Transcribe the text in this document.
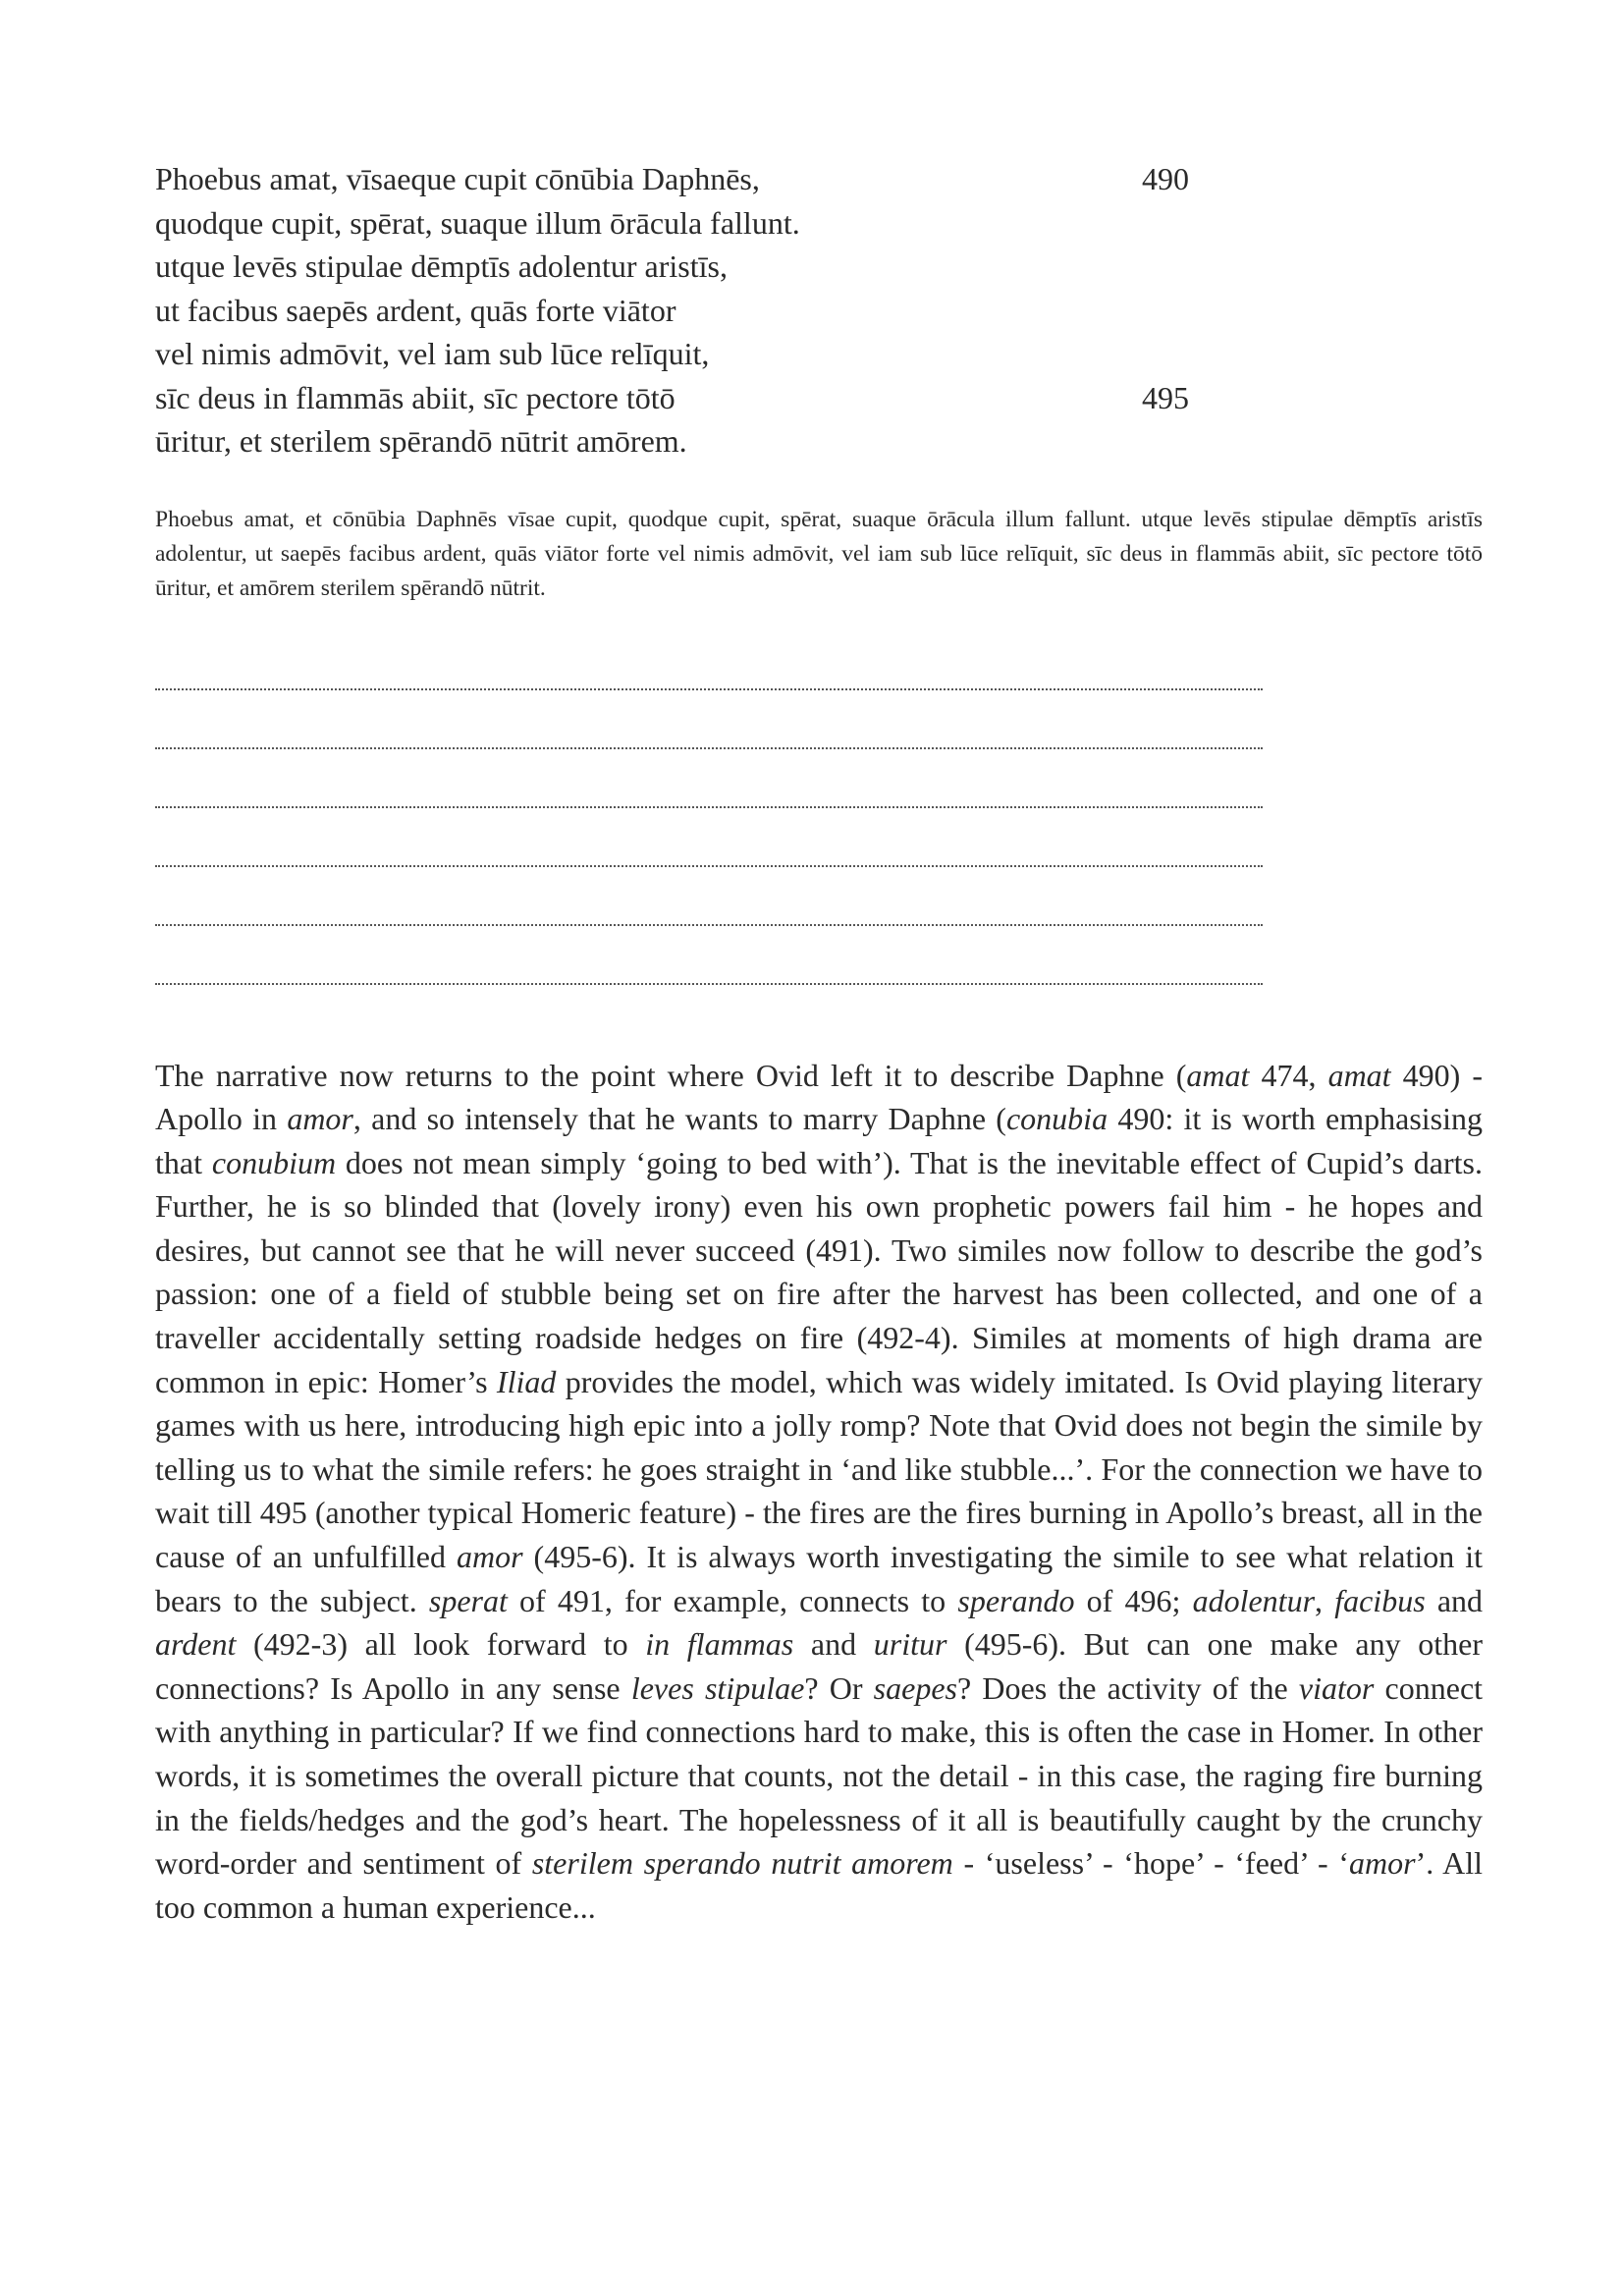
Phoebus amat, vīsaeque cupit cōnūbia Daphnēs,	490
quodque cupit, spērat, suaque illum ōrācula fallunt.
utque levēs stipulae dēmptīs adolentur aristīs,
ut facibus saepēs ardent, quās forte viātor
vel nimis admōvit, vel iam sub lūce relīquit,
sīc deus in flammās abiit, sīc pectore tōtō	495
ūritur, et sterilem spērandō nūtrit amōrem.

Phoebus amat, et cōnūbia Daphnēs vīsae cupit, quodque cupit, spērat, suaque ōrācula illum fallunt. utque levēs stipulae dēmptīs aristīs adolentur, ut saepēs facibus ardent, quās viātor forte vel nimis admōvit, vel iam sub lūce relīquit, sīc deus in flammās abiit, sīc pectore tōtō ūritur, et amōrem sterilem spērandō nūtrit.

The narrative now returns to the point where Ovid left it to describe Daphne (amat 474, amat 490) - Apollo in amor, and so intensely that he wants to marry Daphne (conubia 490: it is worth emphasising that conubium does not mean simply ‘going to bed with’). That is the inevitable effect of Cupid’s darts. Further, he is so blinded that (lovely irony) even his own prophetic powers fail him - he hopes and desires, but cannot see that he will never succeed (491). Two similes now follow to describe the god’s passion: one of a field of stubble being set on fire after the harvest has been collected, and one of a traveller accidentally setting roadside hedges on fire (492-4). Similes at moments of high drama are common in epic: Homer’s Iliad provides the model, which was widely imitated. Is Ovid playing literary games with us here, introducing high epic into a jolly romp? Note that Ovid does not begin the simile by telling us to what the simile refers: he goes straight in ‘and like stubble...’. For the connection we have to wait till 495 (another typical Homeric feature) - the fires are the fires burning in Apollo’s breast, all in the cause of an unfulfilled amor (495-6). It is always worth investigating the simile to see what relation it bears to the subject. sperat of 491, for example, connects to sperando of 496; adolentur, facibus and ardent (492-3) all look forward to in flammas and uritur (495-6). But can one make any other connections? Is Apollo in any sense leves stipulae? Or saepes? Does the activity of the viator connect with anything in particular? If we find connections hard to make, this is often the case in Homer. In other words, it is sometimes the overall picture that counts, not the detail - in this case, the raging fire burning in the fields/hedges and the god’s heart. The hopelessness of it all is beautifully caught by the crunchy word-order and sentiment of sterilem sperando nutrit amorem - ‘useless’ - ‘hope’ - ‘feed’ - ‘amor’. All too common a human experience...
